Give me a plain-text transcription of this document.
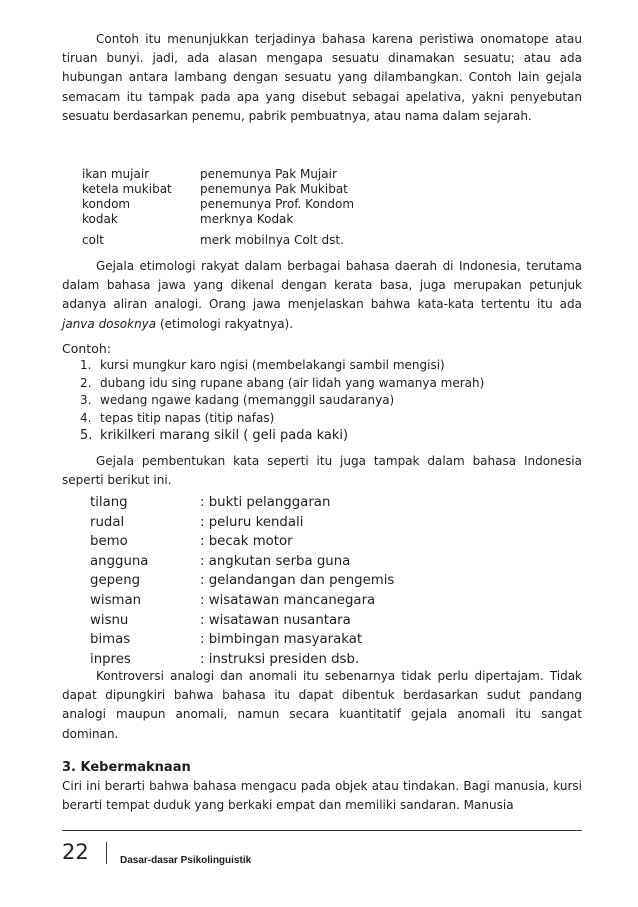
Contoh itu menunjukkan terjadinya bahasa karena peristiwa onomatope atau tiruan bunyi. jadi, ada alasan mengapa sesuatu dinamakan sesuatu; atau ada hubungan antara lambang dengan sesuatu yang dilambangkan. Contoh lain gejala semacam itu tampak pada apa yang disebut sebagai apelativa, yakni penyebutan sesuatu berdasarkan penemu, pabrik pembuatnya, atau nama dalam sejarah.

ikan mujair	penemunya Pak Mujair
ketela mukibat penemunya Pak Mukibat
kondom	penemunya Prof. Kondom
kodak	merknya Kodak
colt	merk mobilnya Colt dst.

Gejala etimologi rakyat dalam berbagai bahasa daerah di Indonesia, terutama dalam bahasa jawa yang dikenal dengan kerata basa, juga merupakan petunjuk adanya aliran analogi. Orang jawa menjelaskan bahwa kata-kata tertentu itu ada janva dosoknya (etimologi rakyatnya).

Contoh:
1. kursi mungkur karo ngisi (membelakangi sambil mengisi)
2. dubang idu sing rupane abang (air lidah yang wamanya merah)
3. wedang ngawe kadang (memanggil saudaranya)
4. tepas titip napas (titip nafas)
5. krikilkeri marang sikil ( geli pada kaki)

Gejala pembentukan kata seperti itu juga tampak dalam bahasa Indonesia seperti berikut ini.

tilang	: bukti pelanggaran
rudal	: peluru kendali
bemo	: becak motor
angguna	: angkutan serba guna
gepeng	: gelandangan dan pengemis
wisman	: wisatawan mancanegara
wisnu	: wisatawan nusantara
bimas	: bimbingan masyarakat
inpres	: instruksi presiden dsb.

Kontroversi analogi dan anomali itu sebenarnya tidak perlu dipertajam. Tidak dapat dipungkiri bahwa bahasa itu dapat dibentuk berdasarkan sudut pandang analogi maupun anomali, namun secara kuantitatif gejala anomali itu sangat dominan.

3. Kebermaknaan

Ciri ini berarti bahwa bahasa mengacu pada objek atau tindakan. Bagi manusia, kursi berarti tempat duduk yang berkaki empat dan memiliki sandaran. Manusia

22	Dasar-dasar Psikolinguistik
